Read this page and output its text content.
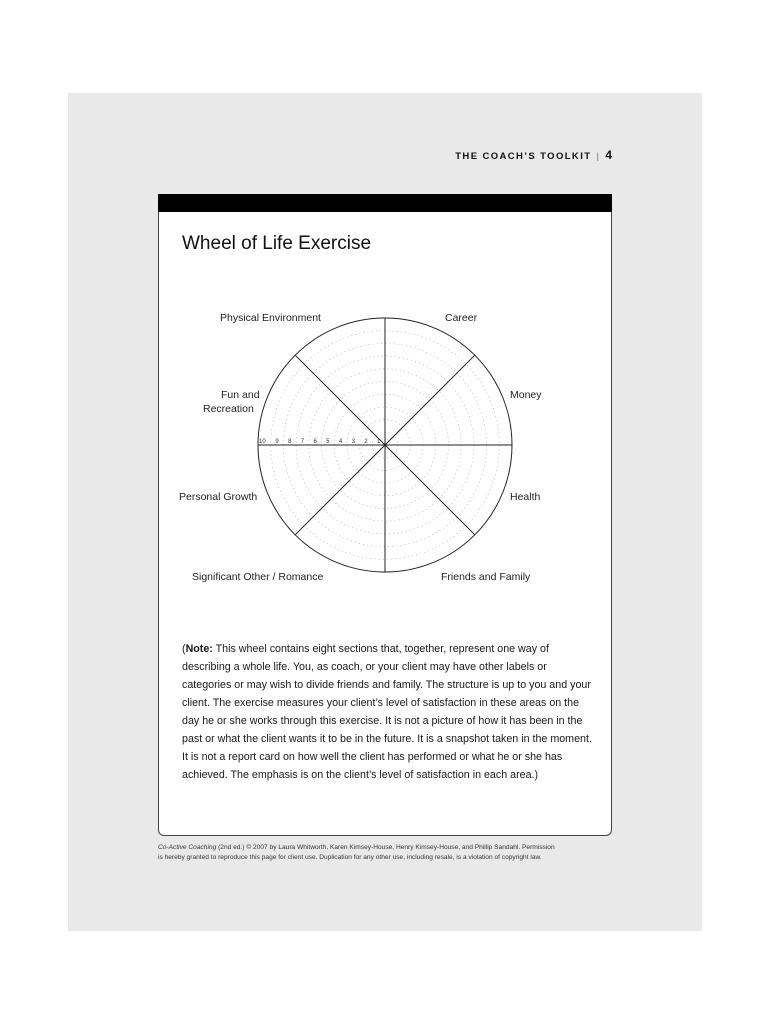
THE COACH’S TOOLKIT | 4
Wheel of Life Exercise
10 9 8 7 6 5 4 3 2 1
Physical Environment	Career
Fun and
Recreation
Money
Personal Growth	Health
Significant Other / Romance	Friends and Family
(Note: This wheel contains eight sections that, together, represent one way of describing a whole life. You, as coach, or your client may have other labels or categories or may wish to divide friends and family. The structure is up to you and your client. The exercise measures your client’s level of satisfaction in these areas on the day he or she works through this exercise. It is not a picture of how it has been in the past or what the client wants it to be in the future. It is a snapshot taken in the moment. It is not a report card on how well the client has performed or what he or she has achieved. The emphasis is on the client’s level of satisfaction in each area.)
Co-Active Coaching (2nd ed.) © 2007 by Laura Whitworth, Karen Kimsey-House, Henry Kimsey-House, and Phillip Sandahl. Permission
is hereby granted to reproduce this page for client use. Duplication for any other use, including resale, is a violation of copyright law.
